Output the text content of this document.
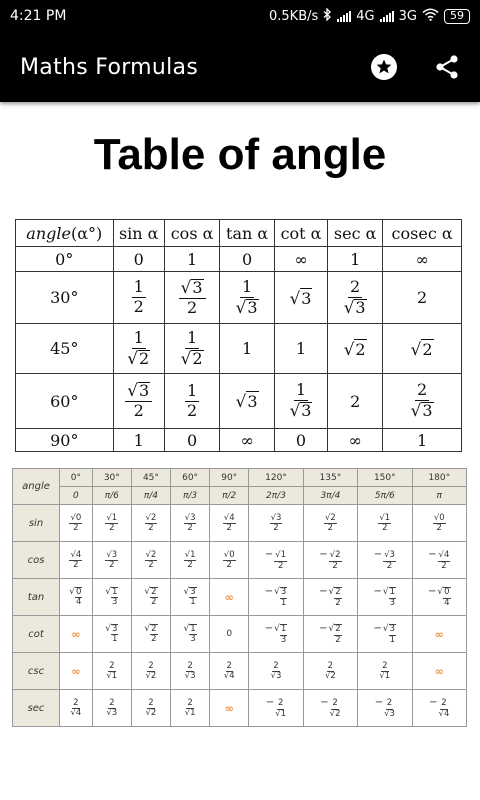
4:21 PM	0.5KB/s	4G 3G	59
Maths Formulas
Table of angle
angle(α°)	sin α	cos α	tan α	cot α	sec α	cosec α
0°	0	1	0	∞	1	∞
30°	$\frac{1}{2}$	$\frac{√ 3}{2}$	$\frac{1}{√ 3}$	√ 3	$\frac{2}{√ 3}$	2
45°	$\frac{1}{√ 2}$	$\frac{1}{√ 2}$	1	1	√ 2	√ 2

60°	$\frac{√ 3}{2}$	$\frac{1}{2}$	√ 3	$\frac{1}{√ 3}$	2	$\frac{2}{√ 3}$

90°	1	0	∞	0	∞	1
angle	0°	30°	45°	60°	90°	120°	135°	150°	180°
	0	π/6	π/4	π/3	π/2	2π/3	3π/4	5π/6	π
sin	$\frac{√0}{2}$	$\frac{√1}{2}$	$\frac{√2}{2}$	$\frac{√3}{2}$	$\frac{√4}{2}$	$\frac{√3}{2}$	$\frac{√2}{2}$	$\frac{√1}{2}$	$\frac{√0}{2}$

cos	$\frac{√4}{2}$	$\frac{√3}{2}$	$\frac{√2}{2}$	$\frac{√1}{2}$	$\frac{√0}{2}$	− $\frac{√1}{2}$	− $\frac{√2}{2}$	− $\frac{√3}{2}$	− $\frac{√4}{2}$

tan	√ $\frac{0}{4}$	√ $\frac{1}{3}$	√ $\frac{2}{2}$	√ $\frac{3}{1}$	∞	−√ $\frac{3}{1}$	−√ $\frac{2}{2}$	−√ $\frac{1}{3}$	−√ $\frac{0}{4}$

cot	∞	√ $\frac{3}{1}$	√ $\frac{2}{2}$	√ $\frac{1}{3}$	0	−√ $\frac{1}{3}$	−√ $\frac{2}{2}$	−√ $\frac{3}{1}$	∞
csc	∞	$\frac{2}{√1}$	$\frac{2}{√2}$	$\frac{2}{√3}$	$\frac{2}{√4}$	$\frac{2}{√3}$	$\frac{2}{√2}$	$\frac{2}{√1}$	∞
sec	$\frac{2}{√4}$	$\frac{2}{√3}$	$\frac{2}{√2}$	$\frac{2}{√1}$	∞	− $\frac{2}{√1}$	− $\frac{2}{√2}$	− $\frac{2}{√3}$	− $\frac{2}{√4}$
